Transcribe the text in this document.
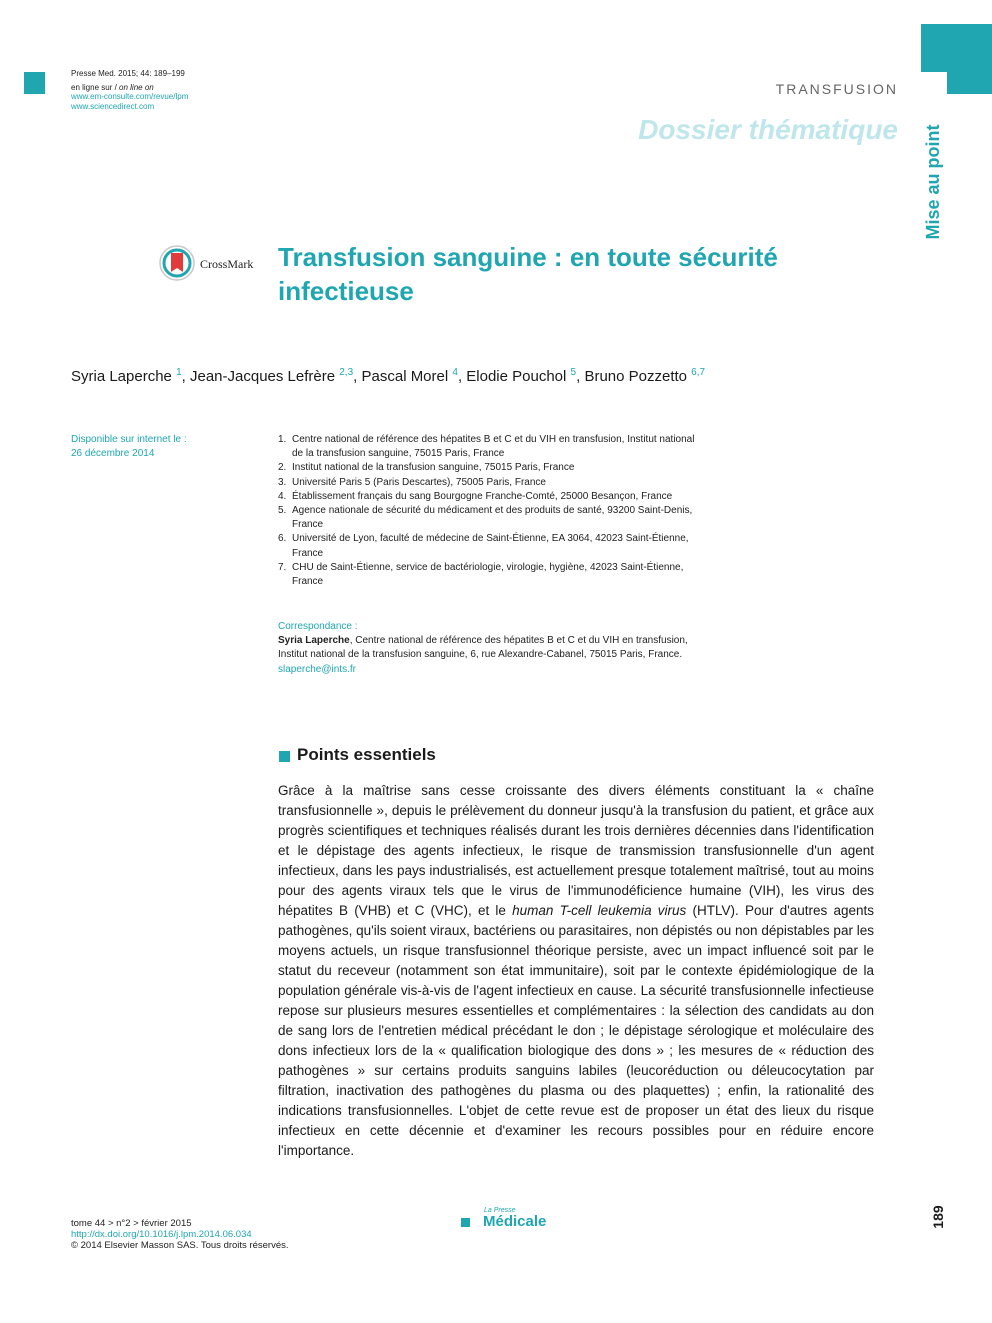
Presse Med. 2015; 44: 189–199
en ligne sur / on line on
www.em-consulte.com/revue/lpm
www.sciencedirect.com
TRANSFUSION
Dossier thématique Mise au point
CrossMark Transfusion sanguine : en toute sécurité infectieuse
Syria Laperche $^1$, Jean-Jacques Lefrère $^{2,3}$, Pascal Morel $^4$, Elodie Pouchol $^5$, Bruno Pozzetto $^{6,7}$
Disponible sur internet le :
26 décembre 2014
1. Centre national de référence des hépatites B et C et du VIH en transfusion, Institut national de la transfusion sanguine, 75015 Paris, France
2. Institut national de la transfusion sanguine, 75015 Paris, France
3. Université Paris 5 (Paris Descartes), 75005 Paris, France
4. Établissement français du sang Bourgogne Franche-Comté, 25000 Besançon, France
5. Agence nationale de sécurité du médicament et des produits de santé, 93200 Saint-Denis, France
6. Université de Lyon, faculté de médecine de Saint-Étienne, EA 3064, 42023 Saint-Étienne, France
7. CHU de Saint-Étienne, service de bactériologie, virologie, hygiène, 42023 Saint-Étienne, France
Correspondance :
Syria Laperche, Centre national de référence des hépatites B et C et du VIH en transfusion, Institut national de la transfusion sanguine, 6, rue Alexandre-Cabanel, 75015 Paris, France.
slaperche@ints.fr
Points essentiels
Grâce à la maîtrise sans cesse croissante des divers éléments constituant la « chaîne transfusionnelle », depuis le prélèvement du donneur jusqu'à la transfusion du patient, et grâce aux progrès scientifiques et techniques réalisés durant les trois dernières décennies dans l'identification et le dépistage des agents infectieux, le risque de transmission transfusionnelle d'un agent infectieux, dans les pays industrialisés, est actuellement presque totalement maîtrisé, tout au moins pour des agents viraux tels que le virus de l'immunodéficience humaine (VIH), les virus des hépatites B (VHB) et C (VHC), et le human T-cell leukemia virus (HTLV). Pour d'autres agents pathogènes, qu'ils soient viraux, bactériens ou parasitaires, non dépistés ou non dépistables par les moyens actuels, un risque transfusionnel théorique persiste, avec un impact influencé soit par le statut du receveur (notamment son état immunitaire), soit par le contexte épidémiologique de la population générale vis-à-vis de l'agent infectieux en cause. La sécurité transfusionnelle infectieuse repose sur plusieurs mesures essentielles et complémentaires : la sélection des candidats au don de sang lors de l'entretien médical précédant le don ; le dépistage sérologique et moléculaire des dons infectieux lors de la « qualification biologique des dons » ; les mesures de « réduction des pathogènes » sur certains produits sanguins labiles (leucoréduction ou déleucocytation par filtration, inactivation des pathogènes du plasma ou des plaquettes) ; enfin, la rationalité des indications transfusionnelles. L'objet de cette revue est de proposer un état des lieux du risque infectieux en cette décennie et d'examiner les recours possibles pour en réduire encore l'importance.
tome 44 > n°2 > février 2015
http://dx.doi.org/10.1016/j.lpm.2014.06.034
© 2014 Elsevier Masson SAS. Tous droits réservés.
La Presse
Médicale	189
